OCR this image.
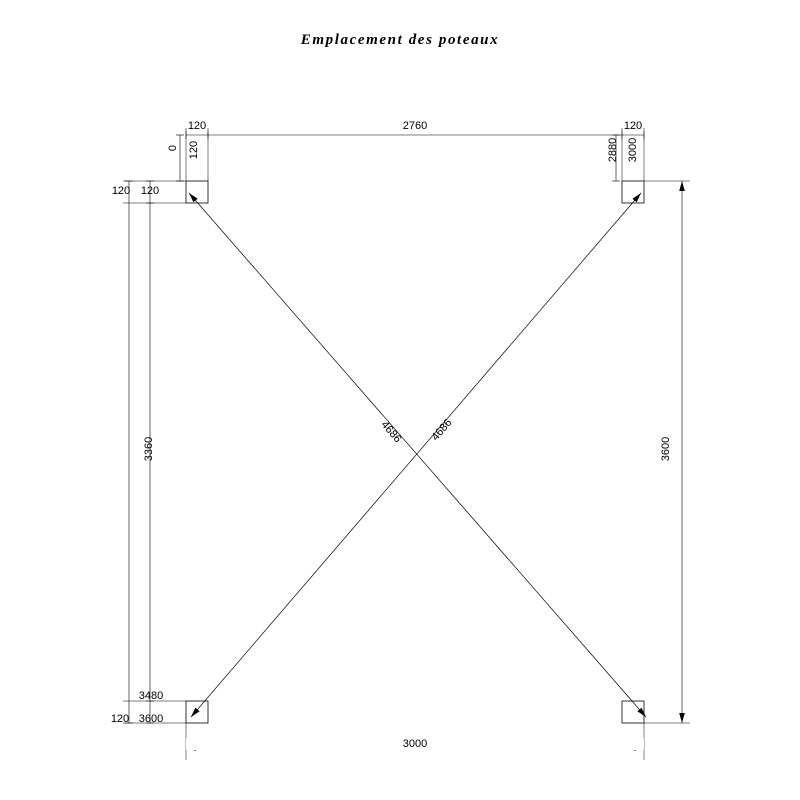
Emplacement des poteaux
120	2760	120
0 120	2880 3000
120 120
3360
3480
120 3600
3600
3000
4686	4686
